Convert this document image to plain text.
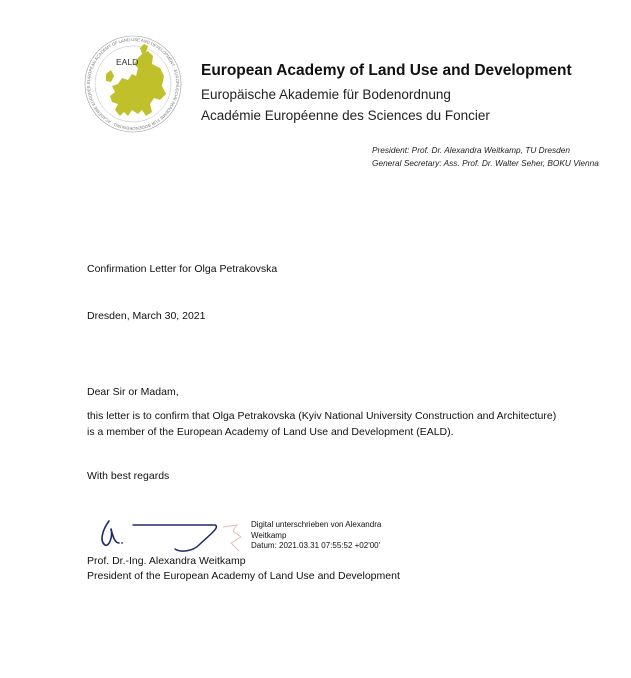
EUROPEAN ACADEMY OF LAND USE AND DEVELOPMENT · EUROPÄISCHE AKADEMIE FÜR BODENORDNUNG · ACADÉMIE EUROPÉE
EALD	European Academy of Land Use and Development
Europäische Akademie für Bodenordnung
Académie Européenne des Sciences du Foncier
President: Prof. Dr. Alexandra Weitkamp, TU Dresden
General Secretary: Ass. Prof. Dr. Walter Seher, BOKU Vienna
Confirmation Letter for Olga Petrakovska
Dresden, March 30, 2021
Dear Sir or Madam,
this letter is to confirm that Olga Petrakovska (Kyiv National University Construction and Architecture)
is a member of the European Academy of Land Use and Development (EALD).
With best regards
Digital unterschrieben von Alexandra
Weitkamp
Datum: 2021.03.31 07:55:52 +02'00'
Prof. Dr.-Ing. Alexandra Weitkamp
President of the European Academy of Land Use and Development
